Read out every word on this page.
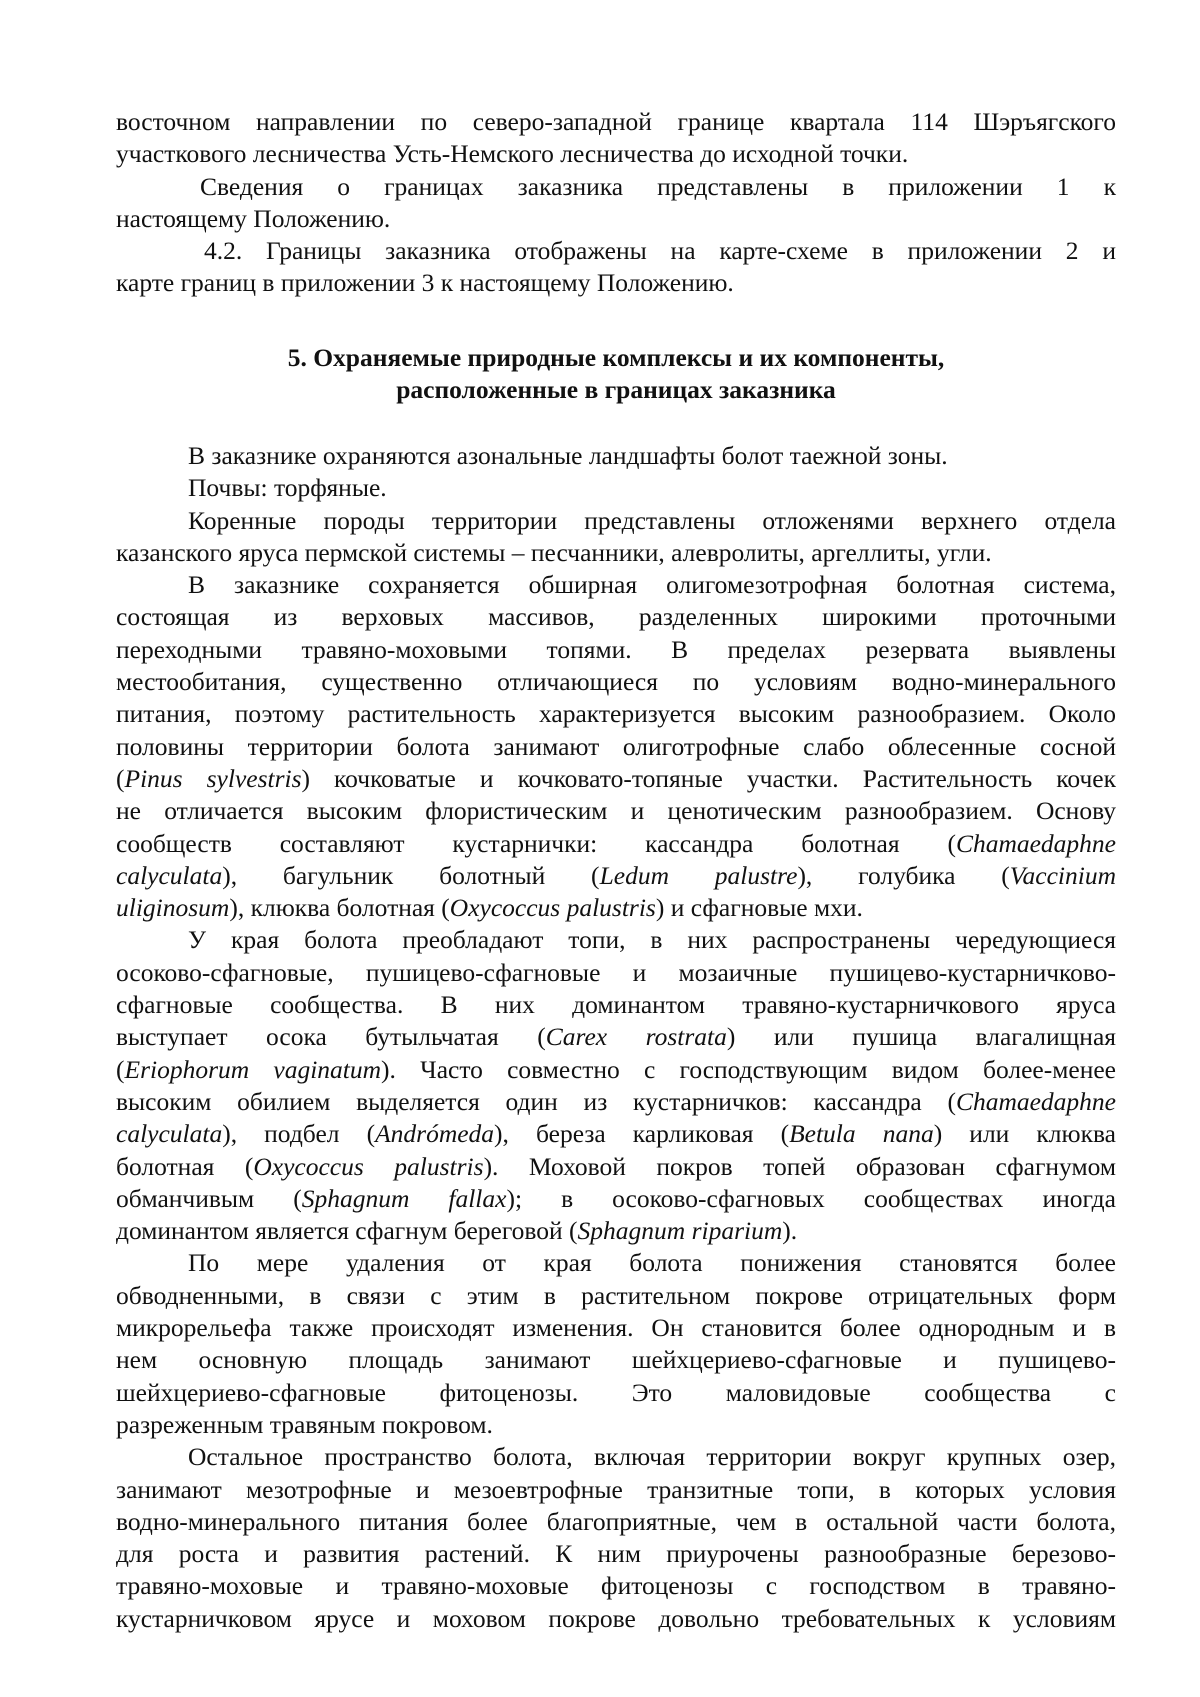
восточном направлении по северо-западной границе квартала 114 Шэръягского
участкового лесничества Усть-Немского лесничества до исходной точки.
Сведения о границах заказника представлены в приложении 1 к
настоящему Положению.
4.2. Границы заказника отображены на карте-схеме в приложении 2 и
карте границ в приложении 3 к настоящему Положению.
5. Охраняемые природные комплексы и их компоненты,
расположенные в границах заказника
В заказнике охраняются азональные ландшафты болот таежной зоны.
Почвы: торфяные.
Коренные породы территории представлены отложенями верхнего отдела
казанского яруса пермской системы – песчанники, алевролиты, аргеллиты, угли.
В заказнике сохраняется обширная олигомезотрофная болотная система,
состоящая из верховых массивов, разделенных широкими проточными
переходными травяно-моховыми топями. В пределах резервата выявлены
местообитания, существенно отличающиеся по условиям водно-минерального
питания, поэтому растительность характеризуется высоким разнообразием. Около
половины территории болота занимают олиготрофные слабо облесенные сосной
(Pinus sylvestris) кочковатые и кочковато-топяные участки. Растительность кочек
не отличается высоким флористическим и ценотическим разнообразием. Основу
сообществ составляют кустарнички: кассандра болотная (Chamaedaphne
calyculata), багульник болотный (Ledum palustre), голубика (Vaccinium
uliginosum), клюква болотная (Oxycoccus palustris) и сфагновые мхи.
У края болота преобладают топи, в них распространены чередующиеся
осоково-сфагновые, пушицево-сфагновые и мозаичные пушицево-кустарничково-
сфагновые сообщества. В них доминантом травяно-кустарничкового яруса
выступает осока бутыльчатая (Carex rostrata) или пушица влагалищная
(Eriophorum vaginatum). Часто совместно с господствующим видом более-менее
высоким обилием выделяется один из кустарничков: кассандра (Chamaedaphne
calyculata), подбел (Andrómeda), береза карликовая (Betula nana) или клюква
болотная (Oxycoccus palustris). Моховой покров топей образован сфагнумом
обманчивым (Sphagnum fallax); в осоково-сфагновых сообществах иногда
доминантом является сфагнум береговой (Sphagnum riparium).
По мере удаления от края болота понижения становятся более
обводненными, в связи с этим в растительном покрове отрицательных форм
микрорельефа также происходят изменения. Он становится более однородным и в
нем основную площадь занимают шейхцериево-сфагновые и пушицево-
шейхцериево-сфагновые фитоценозы. Это маловидовые сообщества с
разреженным травяным покровом.
Остальное пространство болота, включая территории вокруг крупных озер,
занимают мезотрофные и мезоевтрофные транзитные топи, в которых условия
водно-минерального питания более благоприятные, чем в остальной части болота,
для роста и развития растений. К ним приурочены разнообразные березово-
травяно-моховые и травяно-моховые фитоценозы с господством в травяно-
кустарничковом ярусе и моховом покрове довольно требовательных к условиям
